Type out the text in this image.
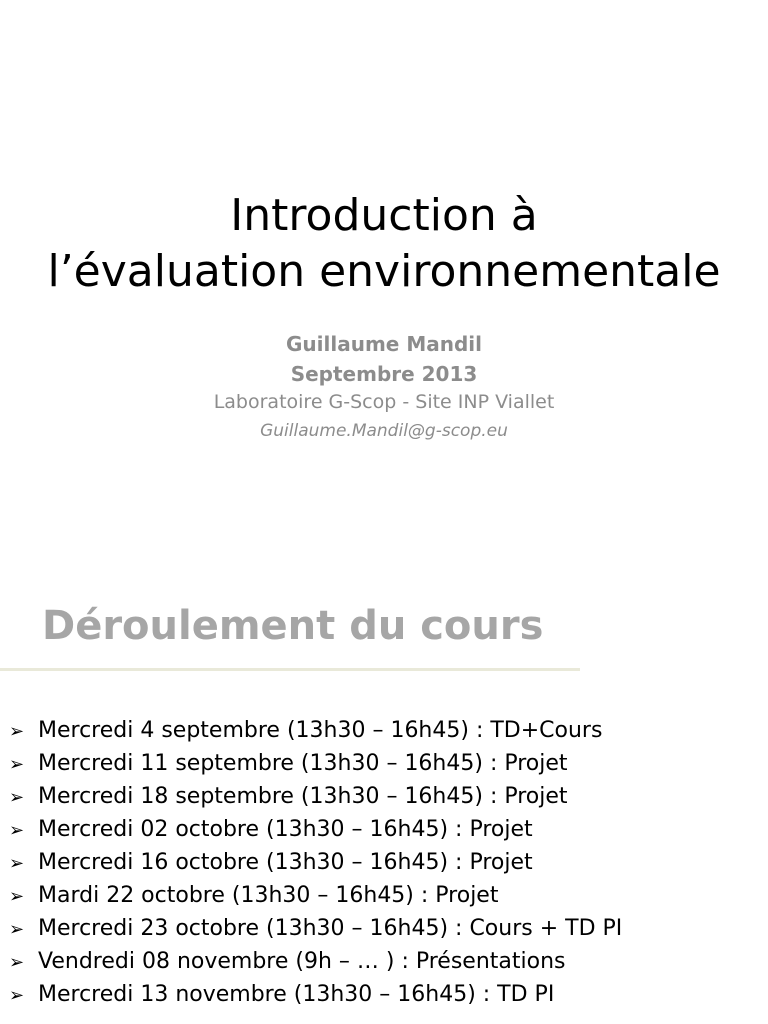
Introduction à
l’évaluation environnementale
Guillaume Mandil
Septembre 2013
Laboratoire G-Scop - Site INP Viallet
Guillaume.Mandil@g-scop.eu
Déroulement du cours
➢ Mercredi 4 septembre (13h30 – 16h45) : TD+Cours
➢ Mercredi 11 septembre (13h30 – 16h45) : Projet
➢ Mercredi 18 septembre (13h30 – 16h45) : Projet
➢ Mercredi 02 octobre (13h30 – 16h45) : Projet
➢ Mercredi 16 octobre (13h30 – 16h45) : Projet
➢ Mardi 22 octobre (13h30 – 16h45) : Projet
➢ Mercredi 23 octobre (13h30 – 16h45) : Cours + TD PI
➢ Vendredi 08 novembre (9h – … ) : Présentations
➢ Mercredi 13 novembre (13h30 – 16h45) : TD PI
